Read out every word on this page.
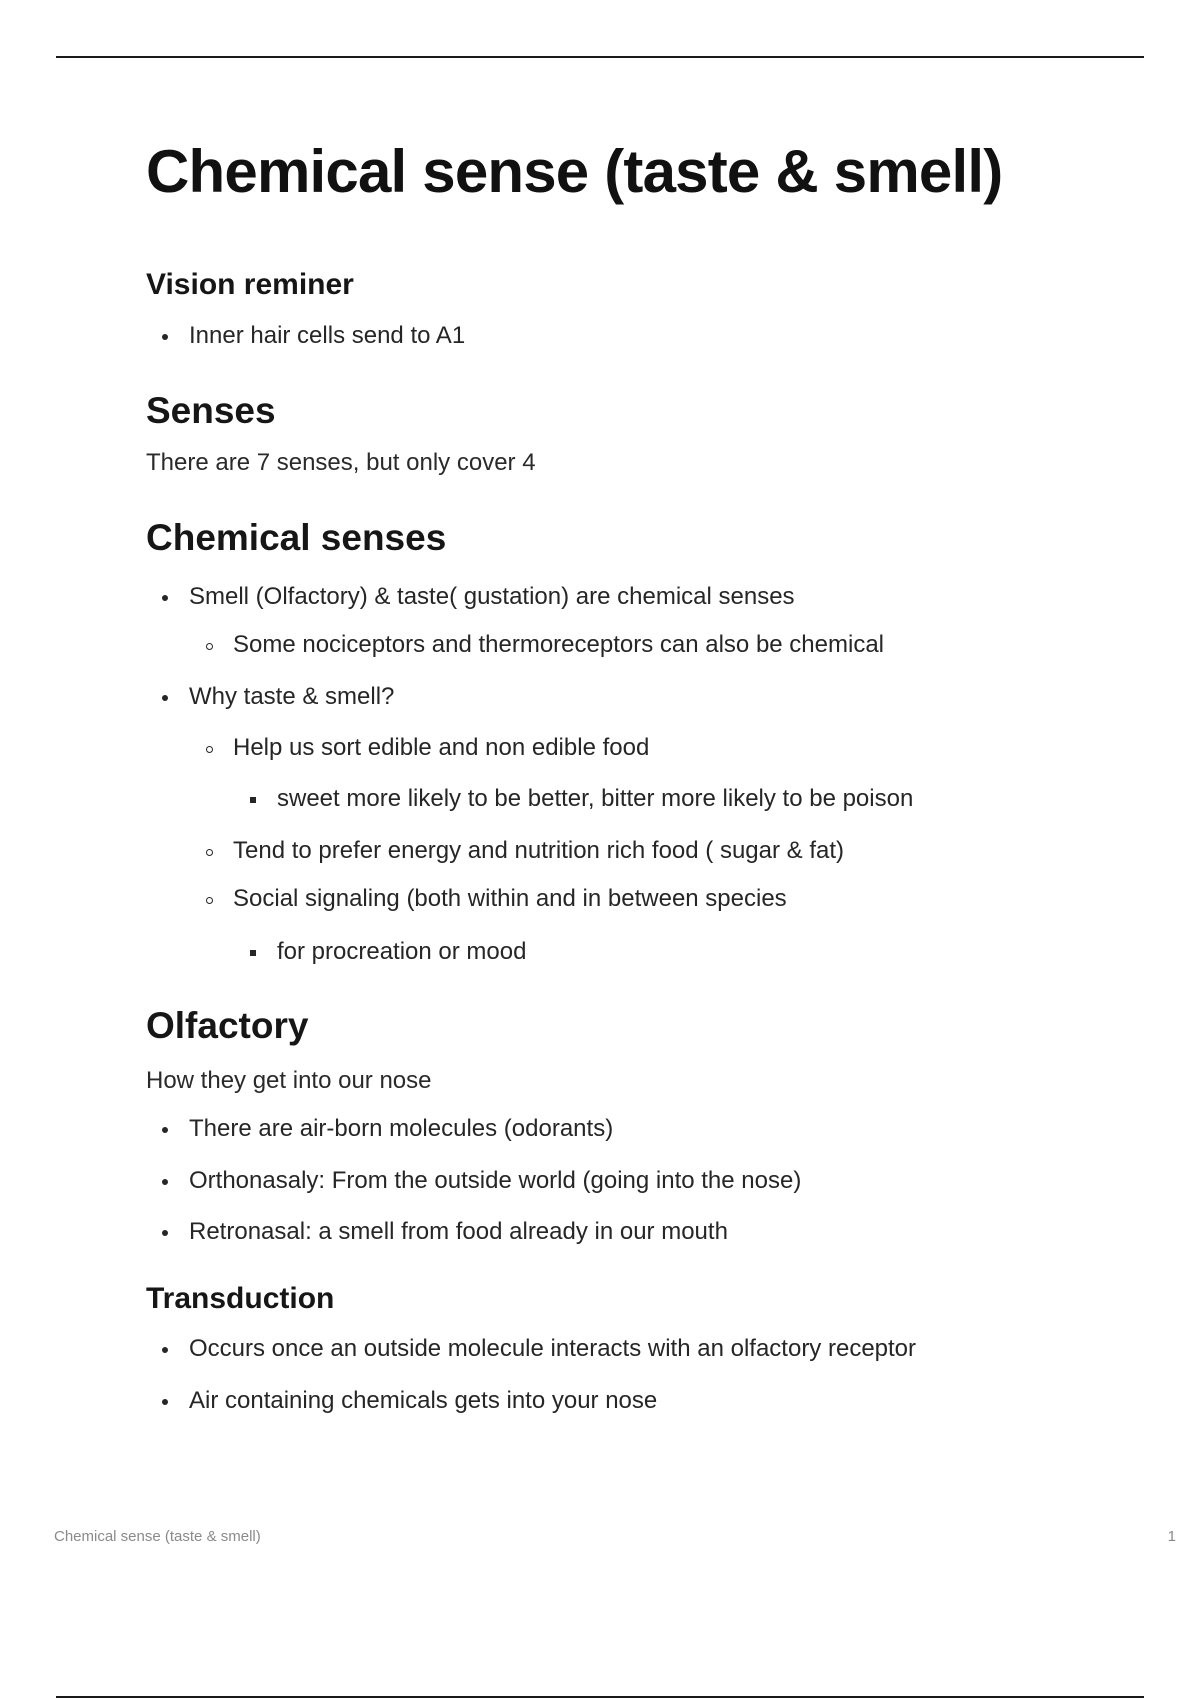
Chemical sense (taste & smell)
Vision reminer
Inner hair cells send to A1
Senses
There are 7 senses, but only cover 4
Chemical senses
Smell (Olfactory) & taste( gustation) are chemical senses
Some nociceptors and thermoreceptors can also be chemical
Why taste & smell?
Help us sort edible and non edible food
sweet more likely to be better, bitter more likely to be poison
Tend to prefer energy and nutrition rich food ( sugar & fat)
Social signaling (both within and in between species
for procreation or mood
Olfactory
How they get into our nose
There are air-born molecules (odorants)
Orthonasaly: From the outside world (going into the nose)
Retronasal: a smell from food already in our mouth
Transduction
Occurs once an outside molecule interacts with an olfactory receptor
Air containing chemicals gets into your nose
Chemical sense (taste & smell)	1
